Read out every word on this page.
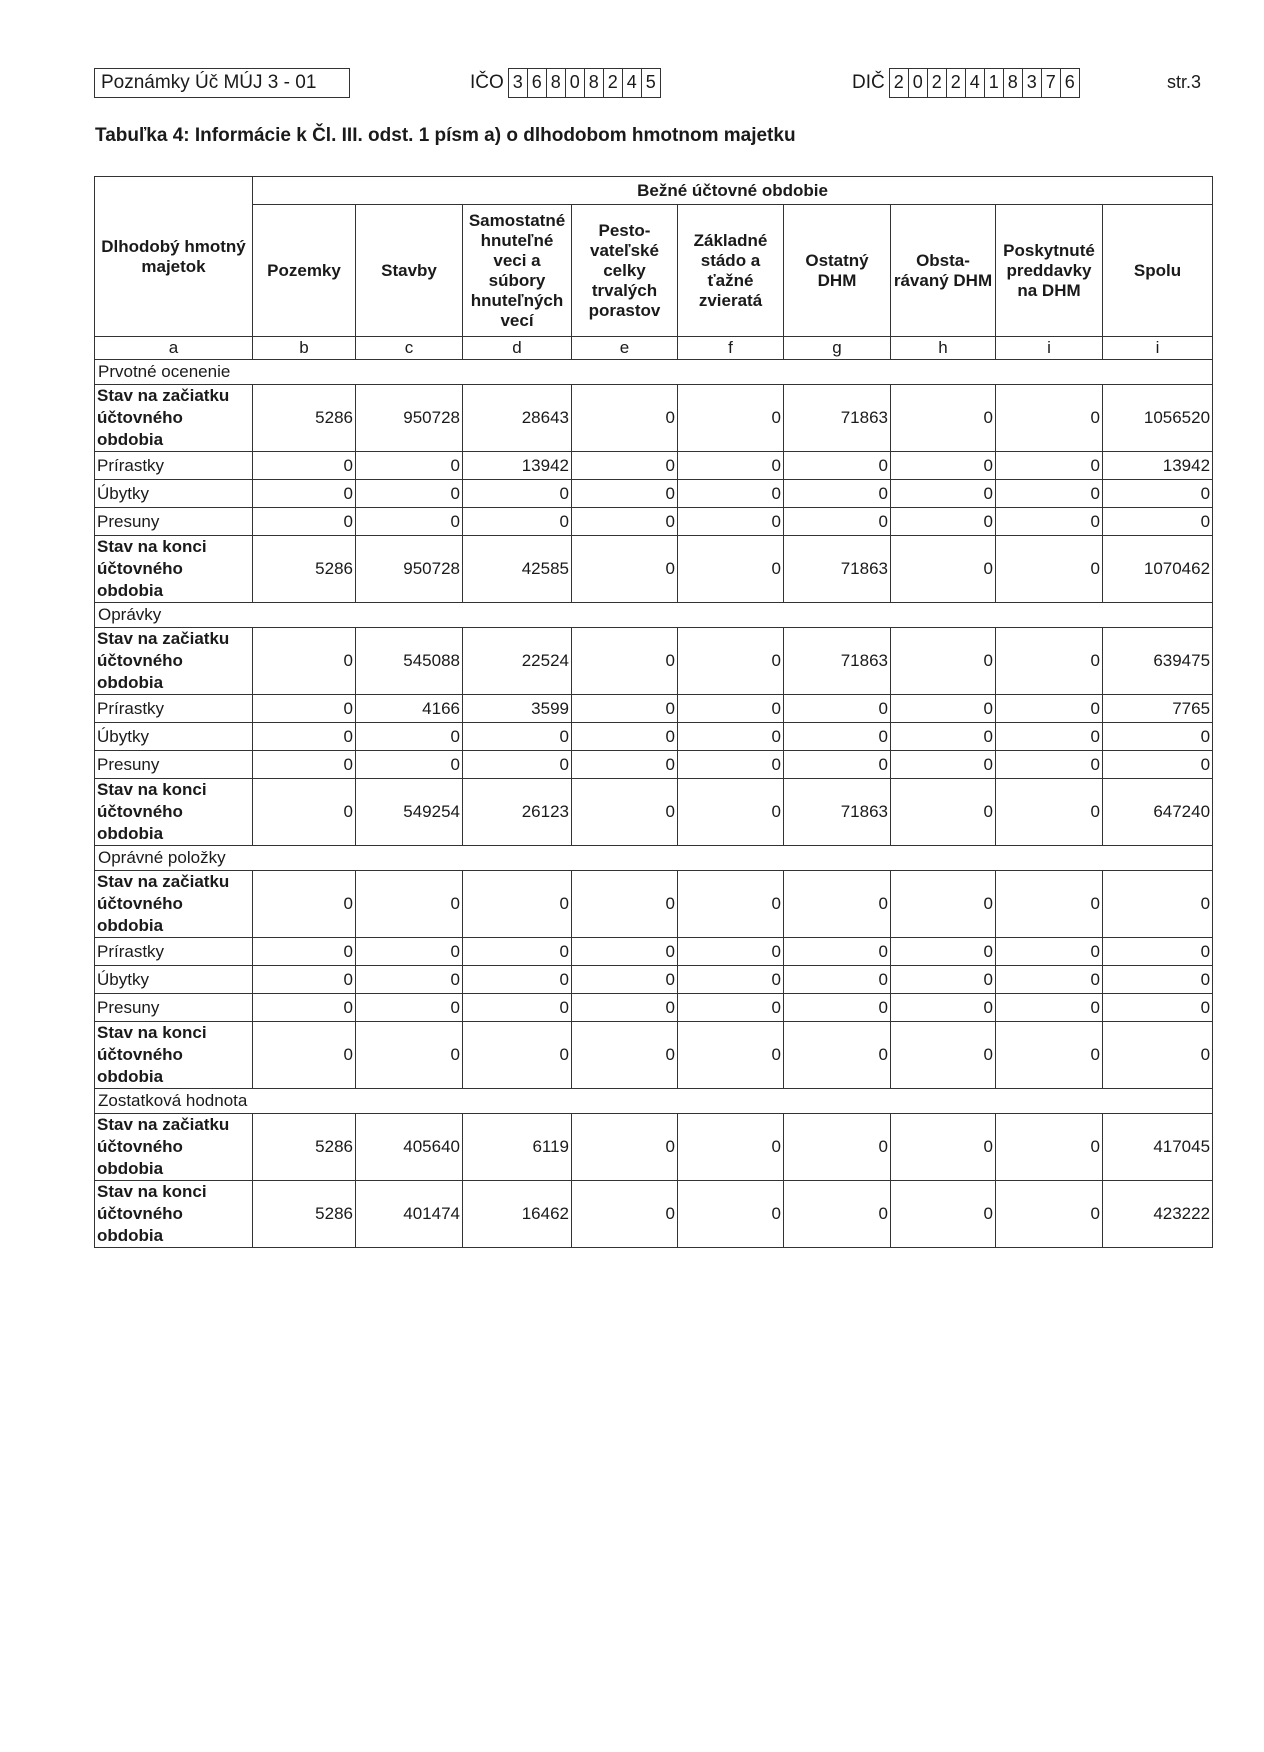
Poznámky Úč MÚJ 3 - 01	IČO 3 6 8 0 8 2 4 5	DIČ 2 0 2 2 4 1 8 3 7 6	str.3
Tabuľka 4: Informácie k Čl. III. odst. 1 písm a) o dlhodobom hmotnom majetku
Dlhodobý hmotný majetok	Bežné účtovné obdobie								
	Pozemky	Stavby	Samostatné hnuteľné veci a súbory hnuteľných vecí	Pesto-vateľské celky trvalých porastov	Základné stádo a ťažné zvieratá	Ostatný DHM	Obsta-rávaný DHM	Poskytnuté preddavky na DHM	Spolu
a	b	c	d	e	f	g	h	i	i
Prvotné ocenenie									
Stav na začiatku účtovného obdobia	5286	950728	28643	0	0	71863	0	0	1056520
Prírastky	0	0	13942	0	0	0	0	0	13942
Úbytky	0	0	0	0	0	0	0	0	0
Presuny	0	0	0	0	0	0	0	0	0
Stav na konci účtovného obdobia	5286	950728	42585	0	0	71863	0	0	1070462
Oprávky									
Stav na začiatku účtovného obdobia	0	545088	22524	0	0	71863	0	0	639475
Prírastky	0	4166	3599	0	0	0	0	0	7765
Úbytky	0	0	0	0	0	0	0	0	0
Presuny	0	0	0	0	0	0	0	0	0
Stav na konci účtovného obdobia	0	549254	26123	0	0	71863	0	0	647240
Oprávné položky									
Stav na začiatku účtovného obdobia	0	0	0	0	0	0	0	0	0
Prírastky	0	0	0	0	0	0	0	0	0
Úbytky	0	0	0	0	0	0	0	0	0
Presuny	0	0	0	0	0	0	0	0	0
Stav na konci účtovného obdobia	0	0	0	0	0	0	0	0	0
Zostatková hodnota									
Stav na začiatku účtovného obdobia	5286	405640	6119	0	0	0	0	0	417045
Stav na konci účtovného obdobia	5286	401474	16462	0	0	0	0	0	423222
